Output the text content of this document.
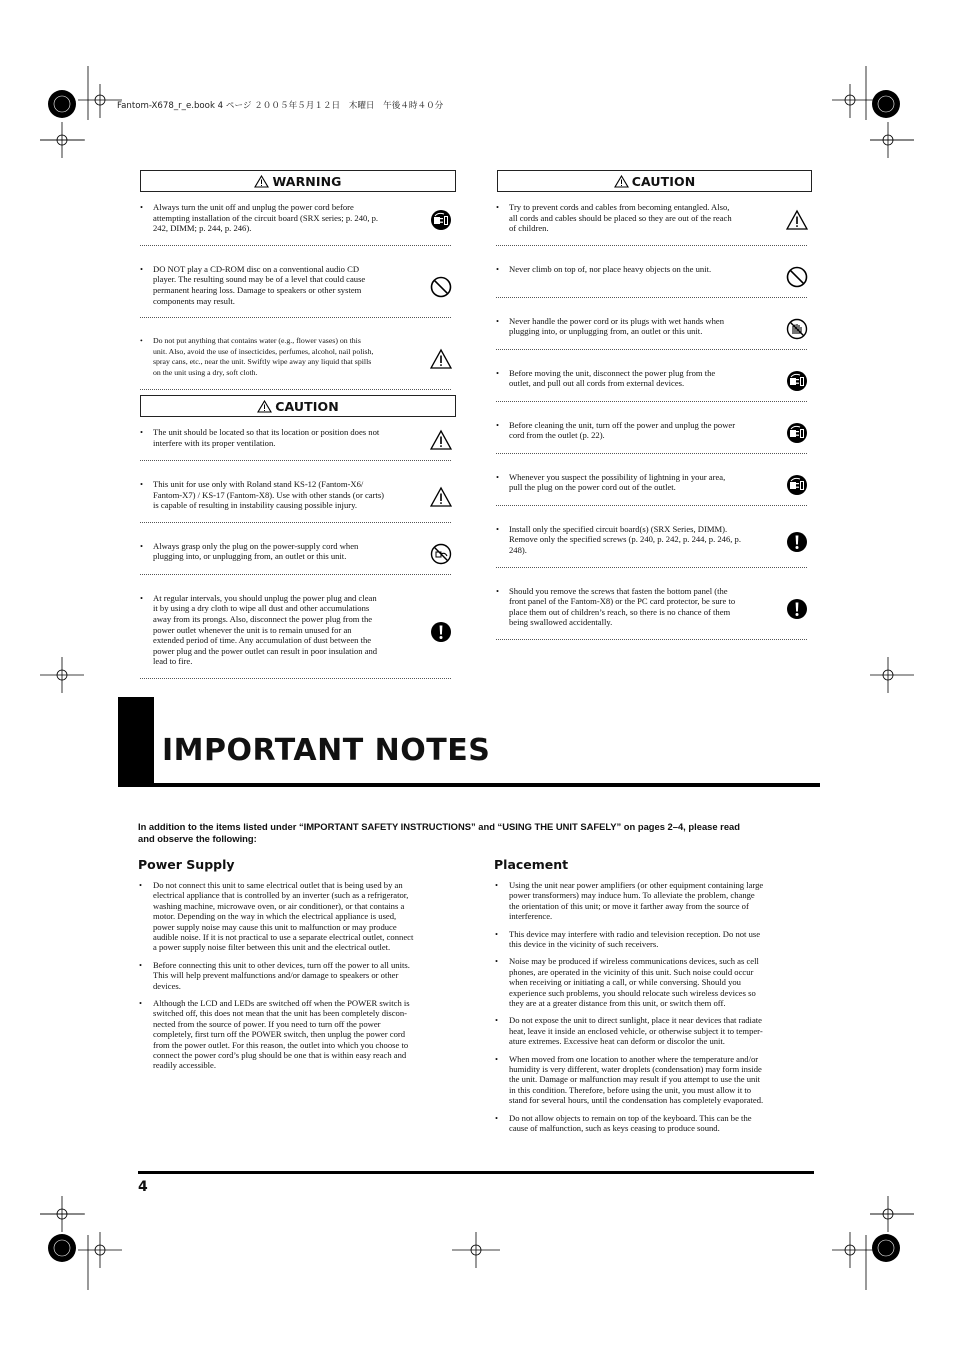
Fantom-X678_r_e.book 4 ページ ２００５年５月１２日　木曜日　午後４時４０分
WARNING
• Always turn the unit off and unplug the power cord before
attempting installation of the circuit board (SRX series; p. 240, p.
242, DIMM; p. 244, p. 246).
• DO NOT play a CD-ROM disc on a conventional audio CD
player. The resulting sound may be of a level that could cause
permanent hearing loss. Damage to speakers or other system
components may result.
• Do not put anything that contains water (e.g., flower vases) on this
unit. Also, avoid the use of insecticides, perfumes, alcohol, nail polish,
spray cans, etc., near the unit. Swiftly wipe away any liquid that spills
on the unit using a dry, soft cloth.
CAUTION
• The unit should be located so that its location or position does not
interfere with its proper ventilation.
• This unit for use only with Roland stand KS-12 (Fantom-X6/
Fantom-X7) / KS-17 (Fantom-X8). Use with other stands (or carts)
is capable of resulting in instability causing possible injury.
• Always grasp only the plug on the power-supply cord when
plugging into, or unplugging from, an outlet or this unit.
• At regular intervals, you should unplug the power plug and clean
it by using a dry cloth to wipe all dust and other accumulations
away from its prongs. Also, disconnect the power plug from the
power outlet whenever the unit is to remain unused for an
extended period of time. Any accumulation of dust between the
power plug and the power outlet can result in poor insulation and
lead to fire.
CAUTION
• Try to prevent cords and cables from becoming entangled. Also,
all cords and cables should be placed so they are out of the reach
of children.
• Never climb on top of, nor place heavy objects on the unit.
• Never handle the power cord or its plugs with wet hands when
plugging into, or unplugging from, an outlet or this unit.
• Before moving the unit, disconnect the power plug from the
outlet, and pull out all cords from external devices.
• Before cleaning the unit, turn off the power and unplug the power
cord from the outlet (p. 22).
• Whenever you suspect the possibility of lightning in your area,
pull the plug on the power cord out of the outlet.
• Install only the specified circuit board(s) (SRX Series, DIMM).
Remove only the specified screws (p. 240, p. 242, p. 244, p. 246, p.
248).
• Should you remove the screws that fasten the bottom panel (the
front panel of the Fantom-X8) or the PC card protector, be sure to
place them out of children’s reach, so there is no chance of them
being swallowed accidentally.
IMPORTANT NOTES
In addition to the items listed under “IMPORTANT SAFETY INSTRUCTIONS” and “USING THE UNIT SAFELY” on pages 2–4, please read
and observe the following:
Power Supply	Placement
• Do not connect this unit to same electrical outlet that is being used by an
electrical appliance that is controlled by an inverter (such as a refrigerator,
washing machine, microwave oven, or air conditioner), or that contains a
motor. Depending on the way in which the electrical appliance is used,
power supply noise may cause this unit to malfunction or may produce
audible noise. If it is not practical to use a separate electrical outlet, connect
a power supply noise filter between this unit and the electrical outlet.
• Before connecting this unit to other devices, turn off the power to all units.
This will help prevent malfunctions and/or damage to speakers or other
devices.
• Although the LCD and LEDs are switched off when the POWER switch is
switched off, this does not mean that the unit has been completely discon-
nected from the source of power. If you need to turn off the power
completely, first turn off the POWER switch, then unplug the power cord
from the power outlet. For this reason, the outlet into which you choose to
connect the power cord’s plug should be one that is within easy reach and
readily accessible.
• Using the unit near power amplifiers (or other equipment containing large
power transformers) may induce hum. To alleviate the problem, change
the orientation of this unit; or move it farther away from the source of
interference.
• This device may interfere with radio and television reception. Do not use
this device in the vicinity of such receivers.
• Noise may be produced if wireless communications devices, such as cell
phones, are operated in the vicinity of this unit. Such noise could occur
when receiving or initiating a call, or while conversing. Should you
experience such problems, you should relocate such wireless devices so
they are at a greater distance from this unit, or switch them off.
• Do not expose the unit to direct sunlight, place it near devices that radiate
heat, leave it inside an enclosed vehicle, or otherwise subject it to temper-
ature extremes. Excessive heat can deform or discolor the unit.
• When moved from one location to another where the temperature and/or
humidity is very different, water droplets (condensation) may form inside
the unit. Damage or malfunction may result if you attempt to use the unit
in this condition. Therefore, before using the unit, you must allow it to
stand for several hours, until the condensation has completely evaporated.
• Do not allow objects to remain on top of the keyboard. This can be the
cause of malfunction, such as keys ceasing to produce sound.
4
